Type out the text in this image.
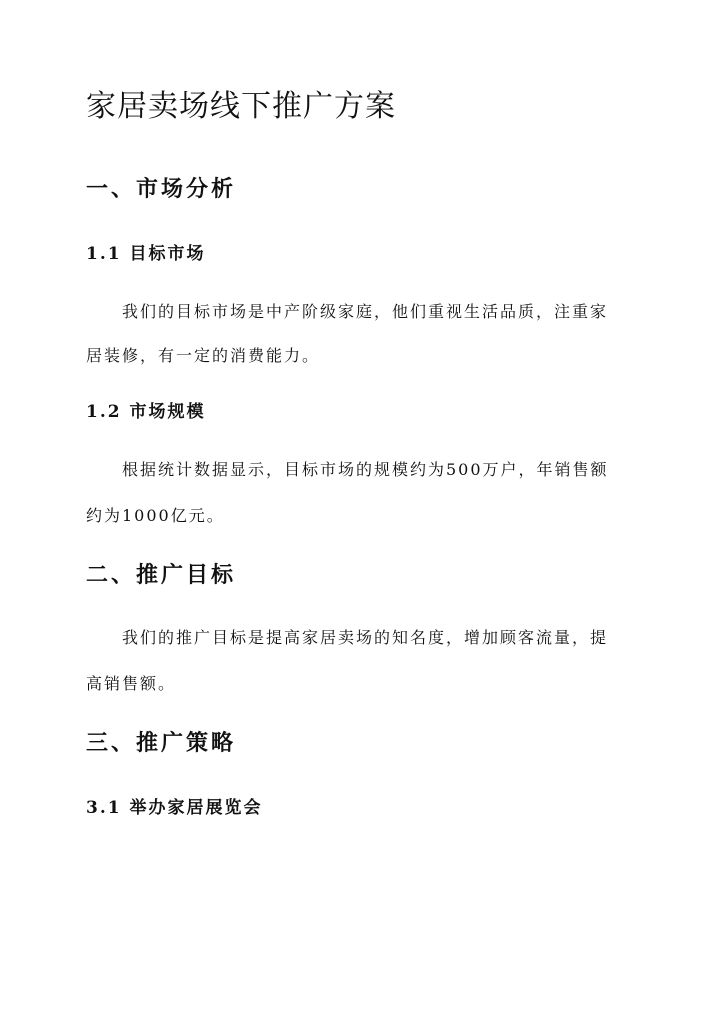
家居卖场线下推广方案
一、市场分析
1.1 目标市场
我们的目标市场是中产阶级家庭，他们重视生活品质，注重家
居装修，有一定的消费能力。
1.2 市场规模
根据统计数据显示，目标市场的规模约为500万户，年销售额
约为1000亿元。
二、推广目标
我们的推广目标是提高家居卖场的知名度，增加顾客流量，提
高销售额。
三、推广策略
3.1 举办家居展览会
